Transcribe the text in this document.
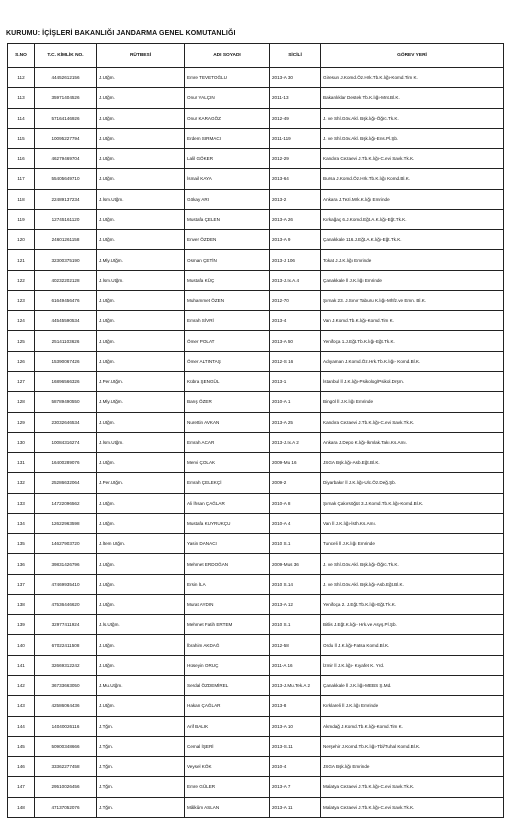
KURUMU: İÇİŞLERİ BAKANLIĞI JANDARMA GENEL KOMUTANLIĞI
S.NO	T.C. KİMLİK NO.	RÜTBESİ	ADI SOYADI	SİCİLİ	GÖREV YERİ
112	44452612156	J.Utğm.	Emre TEVETOĞLU	2013-A 30	Giresun J.Komd.Öz.Hrk.Tb.K.lığı-Komd.Tim K.
113	35971404526	J.Utğm.	Onur YALÇIN	2011-13	Bakanlıklar Destek Tb.K.lığı-Mnt.Bl.K.
114	57164146926	J.Utğm.	Onur KARAGÖZ	2012-49	J. ve Shl.Göv.Akl. Bşk.lığı-Öğrc.Tk.K.
115	10095227794	J.Utğm.	Erdem SIRMACI	2011-119	J. ve Shl.Göv.Akl. Bşk.lığı-Ens.Pl.Şb.
116	46279469704	J.Utğm.	Lalil GÖKER	2012-29	Kandıra Cezaevi J.Tb.K.lığı-C.evi Savk.Tk.K.
117	55405649710	J.Utğm.	İsmail KAYA	2013-64	Bursa J.Komd.Öz.Hrk.Tb.K.lığı Komd.Bl.K.
118	22489137234	J.İsm.Utğm.	Gökay ARI	2013-2	Ankara J.Tezi.Mrk.K.lığı Emrinde
119	12745161120	J.Utğm.	Mustafa ÇELEN	2013-A 26	Kırkağaç 6.J.Komd.Eğt.A.K.lığı-Eğt.Tk.K.
120	24601261158	J.Utğm.	Enver ÖZDEN	2013-A 9	Çanakkale 116.J.Eğt.A.K.lığı-Eğt.Tk.K.
121	32300375190	J.Mly.Utğm.	Osman ÇETİN	2013-J 106	Tokat J.J.K.lığı Emrinde
122	40232202128	J.İsm.Utğm.	Mustafa KÜÇ	2013-J.Ix.A.4	Çanakkale İl J.K.lığı Emrinde
123	61649456476	J.Utğm.	Muhammet ÖZEN	2012-70	Şırnak 23. J.Sınır Taburu K.lığı-Mhfz.ve Emn. Bl.K.
124	44545590534	J.Utğm.	Emrah SİVRİ	2013-4	Van J.Komd.Tb.K.lığı-Komd.Tim K.
125	25141103626	J.Utğm.	Ömer POLAT	2013-A 50	Yenifoça 1.J.Eğt.Tb.K.lığı-Eğt.Tk.K.
126	15390067426	J.Utğm.	Ömer ALTINTAŞ	2012-S 16	Adıyaman J.Komd.Öz.Hrk.Tb.K.lığı- Komd.Bl.K.
127	16896566326	J.Per.Utğm.	Kübra ŞENGÜL	2013-1	İstanbul İl J.K.lığı-Psikolog/Psikol.Drşm.
128	58789490550	J.Mly.Utğm.	Barış ÖZER	2010-A 1	Bingöl İl J.K.lığı Emrinde
129	23032646534	J.Utğm.	Nurettin AVKAN	2013-A 25	Kandıra Cezaevi J.Tb.K.lığı-C.evi Savk.Tk.K.
130	10084316274	J.İsm.Utğm.	Emrah ACAR	2013-J.Ix.A 2	Ankara J.Depo K.lığı-İkmlak.Takı.Ks.Amı.
131	16400289076	J.Utğm.	Mervi ÇOLAK	2009-Mu 16	JSGA Bşk.lığı-Asb.Eğt.Bl.K.
132	25286632064	J.Per.Utğm.	Emrah ÇELEKÇİ	2009-2	Diyarbakır İl J.K.lığı-Ulc.Öz.Değ.Şb.
133	14722096562	J.Utğm.	Ali İhsan ÇAĞLAR	2010-A 8	Şırnak Çakırsöğüt 3.J.Komd.Tb.K.lığı-Komd.Bl.K.
134	12622963598	J.Utğm.	Mustafa KUYRUKÇU	2010-A 4	Van İl J.K.lığı-İsth.Ks.Amı.
135	14627903720	J.İtem Utğm.	Yasin DANACI	2010 S.1	Tunceli İl J.K.lığı Emrinde
136	39831426796	J.Utğm.	Mehmet ERDOĞAN	2009-Mus 36	J. ve Shl.Göv.Akl. Bşk.lığı-Öğrc.Tk.K.
137	47469935410	J.Utğm.	Ersin İLA	2010 S.14	J. ve Shl.Göv.Akl. Bşk.lığı-Asb.Eğt.Bl.K.
138	47536446620	J.Utğm.	Murat AYDIN	2013-A 12	Yenifoça 2. J.Eğt.Tb.K.lığı-Eğt.Tk.K.
139	32977411924	J.İs.Utğm.	Mehmet Fatih ERTEM	2010 S.1	Bitlis J.Eğt.K.lığı- Hrk.ve Asyş.Pl.Şb.
140	67022411508	J.Utğm.	İbrahim AKDAĞ	2012-58	Ordu İl J.K.lığı-Fatsa Komd.Bl.K.
141	32669312242	J.Utğm.	Hüseyin ORUÇ	2011-A 16	İzmir İl J.K.lığı- Kıyafet K. Yrd.
142	36733663050	J.Mu.Utğm.	Serdal ÖZDEMİREL	2013-J.Mu.Tek.A 2	Çanakkale İl J.K.lığı-MEBS Ş.Md.
143	42586064436	J.Utğm.	Hakan ÇAĞLAR	2013-8	Kırklareli İl J.K.lığı Emrinde
144	14040026116	J.Tğm.	Arif BALIK	2013-A 10	Akmdağ J.Komd.Tb.K.lığı-Komd.Tim K.
145	50900348666	J.Tğm.	Cemal İŞERİ	2013-S.11	Nerşehir J.Komd.Tb.K.lığı-Tbl/Tuhal Komd.Bl.K.
146	33362277458	J.Tğm.	Veysel KÖK	2010-4	JSGA Bşk.lığı Emrinde
147	29510026456	J.Tğm.	Emre GÜLER	2013-A 7	Malatya Cezaevi J.Tb.K.lığı-C.evi Savk.Tk.K.
148	47137052076	J.Tğm.	Mâlkûm ASLAN	2013-A 11	Malatya Cezaevi J.Tb.K.lığı-C.evi Savk.Tk.K.
